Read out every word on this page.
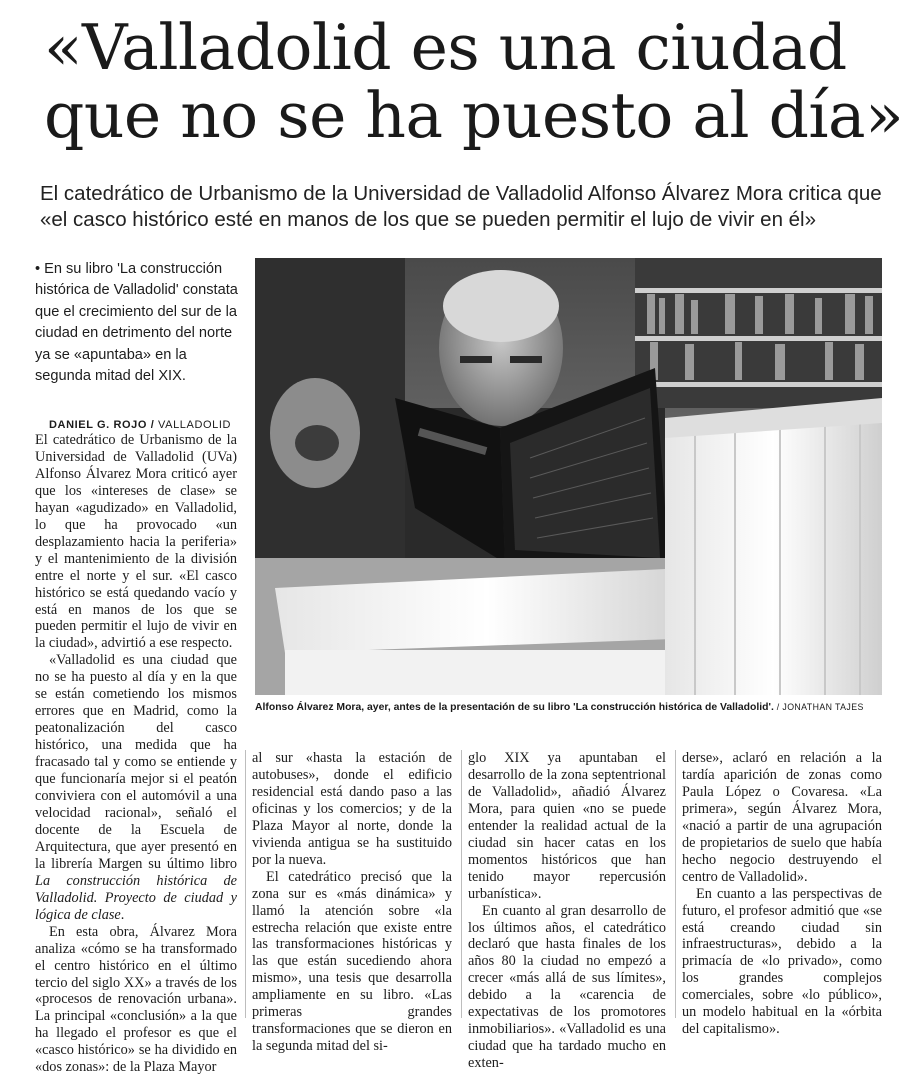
«Valladolid es una ciudad
que no se ha puesto al día»

El catedrático de Urbanismo de la Universidad de Valladolid Alfonso Álvarez Mora critica que «el casco histórico esté en manos de los que se pueden permitir el lujo de vivir en él»

• En su libro 'La construcción histórica de Valladolid' constata que el crecimiento del sur de la ciudad en detrimento del norte ya se «apuntaba» en la segunda mitad del XIX.

Alfonso Álvarez Mora, ayer, antes de la presentación de su libro 'La construcción histórica de Valladolid'. / JONATHAN TAJES

DANIEL G. ROJO / VALLADOLID

El catedrático de Urbanismo de la Universidad de Valladolid (UVa) Alfonso Álvarez Mora criticó ayer que los «intereses de clase» se hayan «agudizado» en Valladolid, lo que ha provocado «un desplazamiento hacia la periferia» y el mantenimiento de la división entre el norte y el sur. «El casco histórico se está quedando vacío y está en manos de los que se pueden permitir el lujo de vivir en la ciudad», advirtió a ese respecto.

«Valladolid es una ciudad que no se ha puesto al día y en la que se están cometiendo los mismos errores que en Madrid, como la peatonalización del casco histórico, una medida que ha fracasado tal y como se entiende y que funcionaría mejor si el peatón conviviera con el automóvil a una velocidad racional», señaló el docente de la Escuela de Arquitectura, que ayer presentó en la librería Margen su último libro La construcción histórica de Valladolid. Proyecto de ciudad y lógica de clase.

En esta obra, Álvarez Mora analiza «cómo se ha transformado el centro histórico en el último tercio del siglo XX» a través de los «procesos de renovación urbana». La principal «conclusión» a la que ha llegado el profesor es que el «casco histórico» se ha dividido en «dos zonas»: de la Plaza Mayor

al sur «hasta la estación de autobuses», donde el edificio residencial está dando paso a las oficinas y los comercios; y de la Plaza Mayor al norte, donde la vivienda antigua se ha sustituido por la nueva.

El catedrático precisó que la zona sur es «más dinámica» y llamó la atención sobre «la estrecha relación que existe entre las transformaciones históricas y las que están sucediendo ahora mismo», una tesis que desarrolla ampliamente en su libro. «Las primeras grandes transformaciones que se dieron en la segunda mitad del si-

glo XIX ya apuntaban el desarrollo de la zona septentrional de Valladolid», añadió Álvarez Mora, para quien «no se puede entender la realidad actual de la ciudad sin hacer catas en los momentos históricos que han tenido mayor repercusión urbanística».

En cuanto al gran desarrollo de los últimos años, el catedrático declaró que hasta finales de los años 80 la ciudad no empezó a crecer «más allá de sus límites», debido a la «carencia de expectativas de los promotores inmobiliarios». «Valladolid es una ciudad que ha tardado mucho en exten-

derse», aclaró en relación a la tardía aparición de zonas como Paula López o Covaresa. «La primera», según Álvarez Mora, «nació a partir de una agrupación de propietarios de suelo que había hecho negocio destruyendo el centro de Valladolid».

En cuanto a las perspectivas de futuro, el profesor admitió que «se está creando ciudad sin infraestructuras», debido a la primacía de «lo privado», como los grandes complejos comerciales, sobre «lo público», un modelo habitual en la «órbita del capitalismo».
